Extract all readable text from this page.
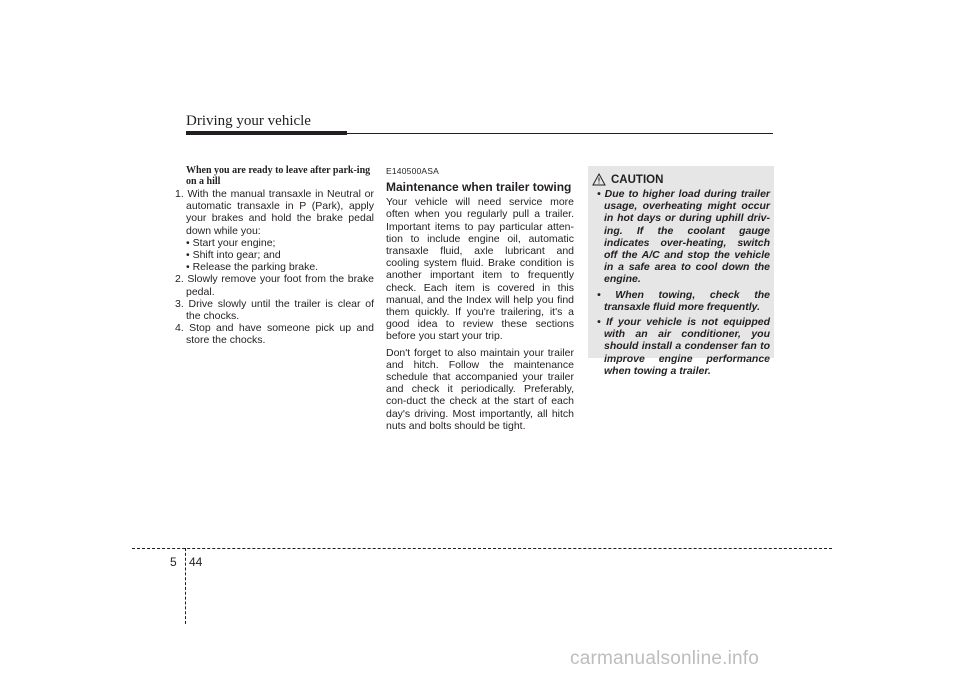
Driving your vehicle
When you are ready to leave after park-ing on a hill
1. With the manual transaxle in Neutral or automatic transaxle in P (Park), apply your brakes and hold the brake pedal down while you:
• Start your engine;
• Shift into gear; and
• Release the parking brake.
2. Slowly remove your foot from the brake pedal.
3. Drive slowly until the trailer is clear of the chocks.
4. Stop and have someone pick up and store the chocks.
E140500ASA
Maintenance when trailer towing

Your vehicle will need service more often when you regularly pull a trailer. Important items to pay particular atten-tion to include engine oil, automatic transaxle fluid, axle lubricant and cooling system fluid. Brake condition is another important item to frequently check. Each item is covered in this manual, and the Index will help you find them quickly. If you're trailering, it's a good idea to review these sections before you start your trip.

Don't forget to also maintain your trailer and hitch. Follow the maintenance schedule that accompanied your trailer and check it periodically. Preferably, con-duct the check at the start of each day's driving. Most importantly, all hitch nuts and bolts should be tight.

CAUTION
• Due to higher load during trailer usage, overheating might occur in hot days or during uphill driv-ing. If the coolant gauge indicates over-heating, switch off the A/C and stop the vehicle in a safe area to cool down the engine.
• When towing, check the transaxle fluid more frequently.
• If your vehicle is not equipped with an air conditioner, you should install a condenser fan to improve engine performance when towing a trailer.
5 44
carmanualsonline.info
